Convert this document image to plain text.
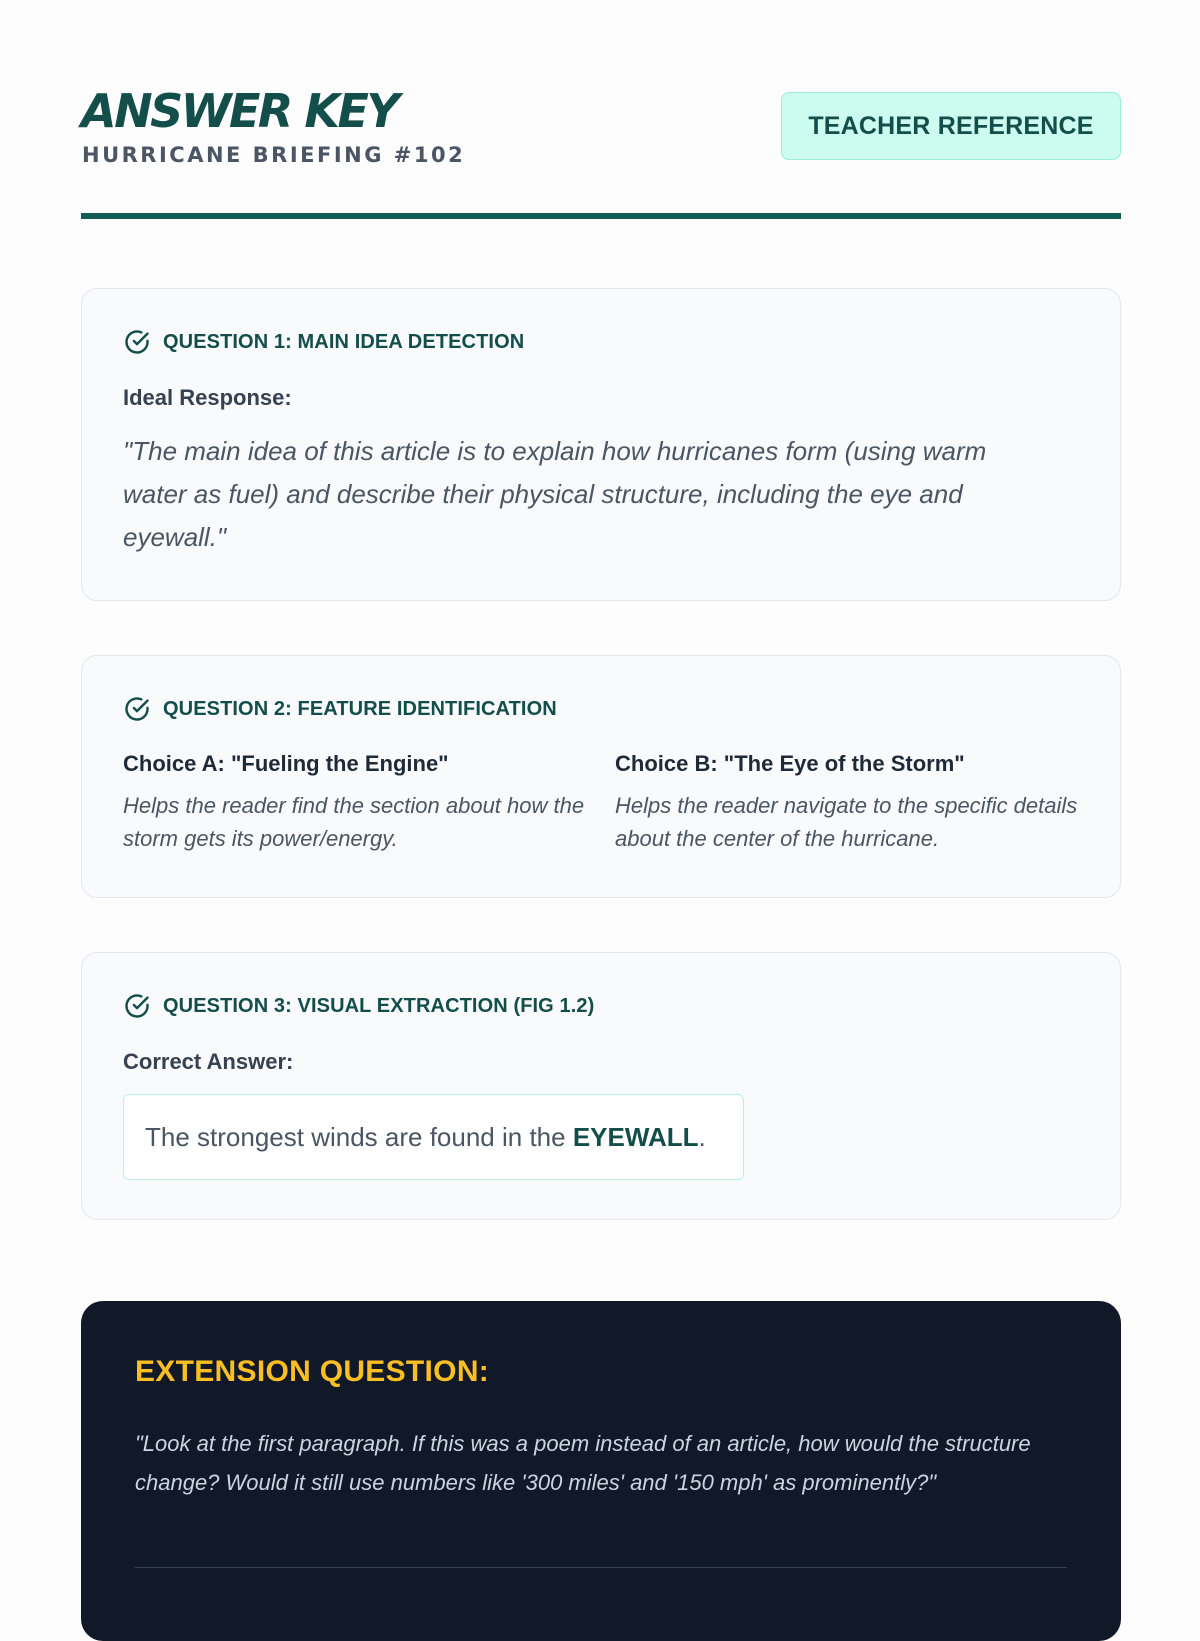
ANSWER KEY
HURRICANE BRIEFING #102
TEACHER REFERENCE
QUESTION 1: MAIN IDEA DETECTION
Ideal Response:
"The main idea of this article is to explain how hurricanes form (using warm water as fuel) and describe their physical structure, including the eye and eyewall."
QUESTION 2: FEATURE IDENTIFICATION
Choice A: "Fueling the Engine"
Helps the reader find the section about how the storm gets its power/energy.
Choice B: "The Eye of the Storm"
Helps the reader navigate to the specific details about the center of the hurricane.
QUESTION 3: VISUAL EXTRACTION (FIG 1.2)
Correct Answer:
The strongest winds are found in the EYEWALL .
EXTENSION QUESTION:
"Look at the first paragraph. If this was a poem instead of an article, how would the structure change? Would it still use numbers like '300 miles' and '150 mph' as prominently?"
